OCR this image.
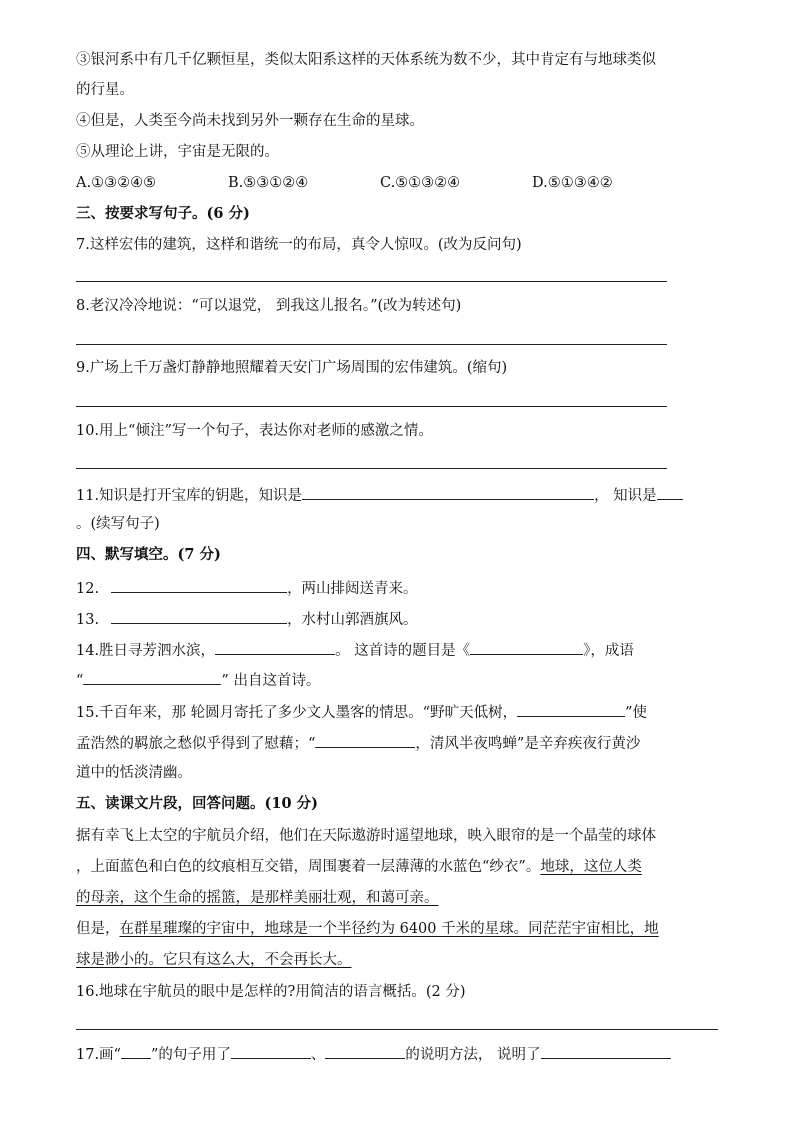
③银河系中有几千亿颗恒星，类似太阳系这样的天体系统为数不少，其中肯定有与地球类似
的行星。
④但是，人类至今尚未找到另外一颗存在生命的星球。
⑤从理论上讲，宇宙是无限的。
A.①③②④⑤	B.⑤③①②④	C.⑤①③②④	D.⑤①③④②
三、按要求写句子。(6 分)
7.这样宏伟的建筑，这样和谐统一的布局，真令人惊叹。(改为反问句)
8.老汉冷冷地说：“可以退党， 到我这儿报名。”(改为转述句)
9.广场上千万盏灯静静地照耀着天安门广场周围的宏伟建筑。(缩句)
10.用上“倾注”写一个句子，表达你对老师的感激之情。
11.知识是打开宝库的钥匙，知识是	， 知识是
。(续写句子)
四、默写填空。(7 分)
12.	，两山排闼送青来。
13.	，水村山郭酒旗风。
14.胜日寻芳泗水滨，	。 这首诗的题目是《	》，成语
“	” 出自这首诗。
15.千百年来，那 轮圆月寄托了多少文人墨客的情思。“野旷天低树，	”使
孟浩然的羁旅之愁似乎得到了慰藉；“	，清风半夜鸣蝉”是辛弃疾夜行黄沙
道中的恬淡清幽。
五、读课文片段，回答问题。(10 分)
据有幸飞上太空的宇航员介绍，他们在天际遨游时遥望地球，映入眼帘的是一个晶莹的球体
，上面蓝色和白色的纹痕相互交错，周围裹着一层薄薄的水蓝色“纱衣”。地球，这位人类
的母亲，这个生命的摇篮，是那样美丽壮观，和蔼可亲。
但是，在群星璀璨的宇宙中，地球是一个半径约为 6400 千米的星球。同茫茫宇宙相比，地
球是渺小的。它只有这么大，不会再长大。
16.地球在宇航员的眼中是怎样的?用简洁的语言概括。(2 分)
17.画“ ”的句子用了	、	的说明方法， 说明了
